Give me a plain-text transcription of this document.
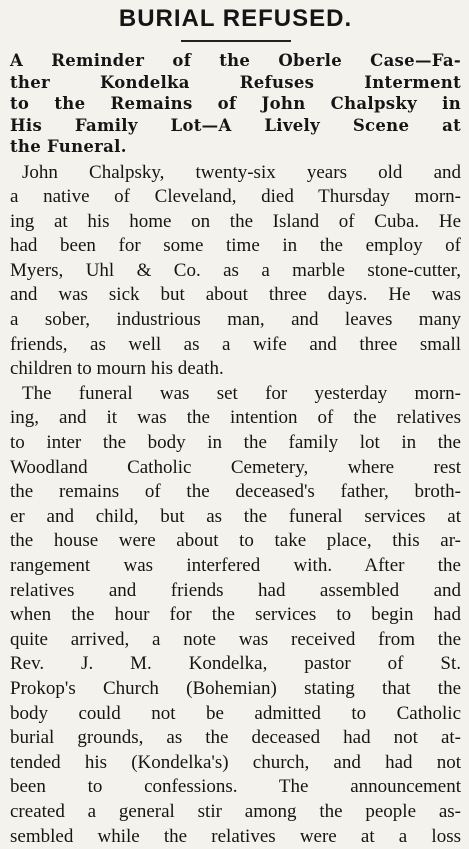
BURIAL REFUSED.
A Reminder of the Oberle Case—Fa-
ther Kondelka Refuses Interment
to the Remains of John Chalpsky in
His Family Lot—A Lively Scene at
the Funeral.
John Chalpsky, twenty-six years old and
a native of Cleveland, died Thursday morn-
ing at his home on the Island of Cuba. He
had been for some time in the employ of
Myers, Uhl & Co. as a marble stone-cutter,
and was sick but about three days. He was
a sober, industrious man, and leaves many
friends, as well as a wife and three small
children to mourn his death.
The funeral was set for yesterday morn-
ing, and it was the intention of the relatives
to inter the body in the family lot in the
Woodland Catholic Cemetery, where rest
the remains of the deceased's father, broth-
er and child, but as the funeral services at
the house were about to take place, this ar-
rangement was interfered with. After the
relatives and friends had assembled and
when the hour for the services to begin had
quite arrived, a note was received from the
Rev. J. M. Kondelka, pastor of St.
Prokop's Church (Bohemian) stating that the
body could not be admitted to Catholic
burial grounds, as the deceased had not at-
tended his (Kondelka's) church, and had not
been to confessions. The announcement
created a general stir among the people as-
sembled while the relatives were at a loss
